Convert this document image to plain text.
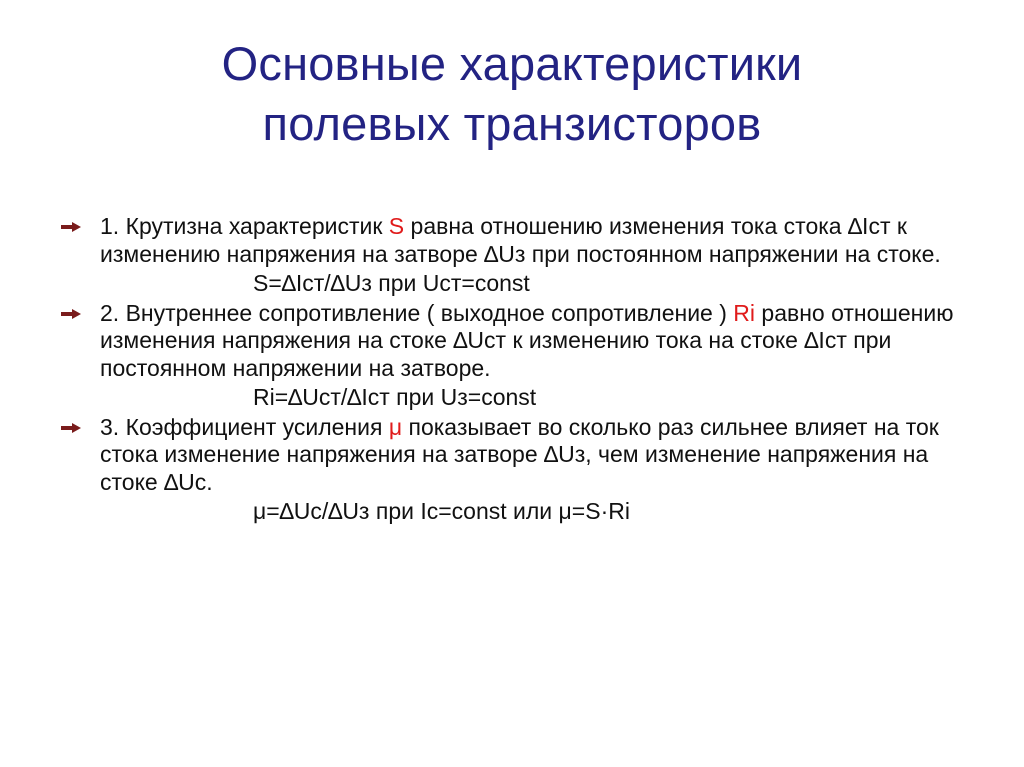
Основные характеристики
полевых транзисторов
1. Крутизна характеристик S равна отношению изменения тока стока ∆Iст к изменению напряжения на затворе ∆Uз при постоянном напряжении на стоке.
S=∆Iст/∆Uз при Uст=const
2. Внутреннее сопротивление ( выходное сопротивление ) Ri равно отношению изменения напряжения на стоке ∆Uст к изменению тока на стоке ∆Iст при постоянном напряжении на затворе.
Ri=∆Uст/∆Iст при Uз=const
3. Коэффициент усиления μ показывает во сколько раз сильнее влияет на ток стока изменение напряжения на затворе ∆Uз, чем изменение напряжения на стоке ∆Uс.
μ=∆Uс/∆Uз при Iс=const или μ=S·Ri
